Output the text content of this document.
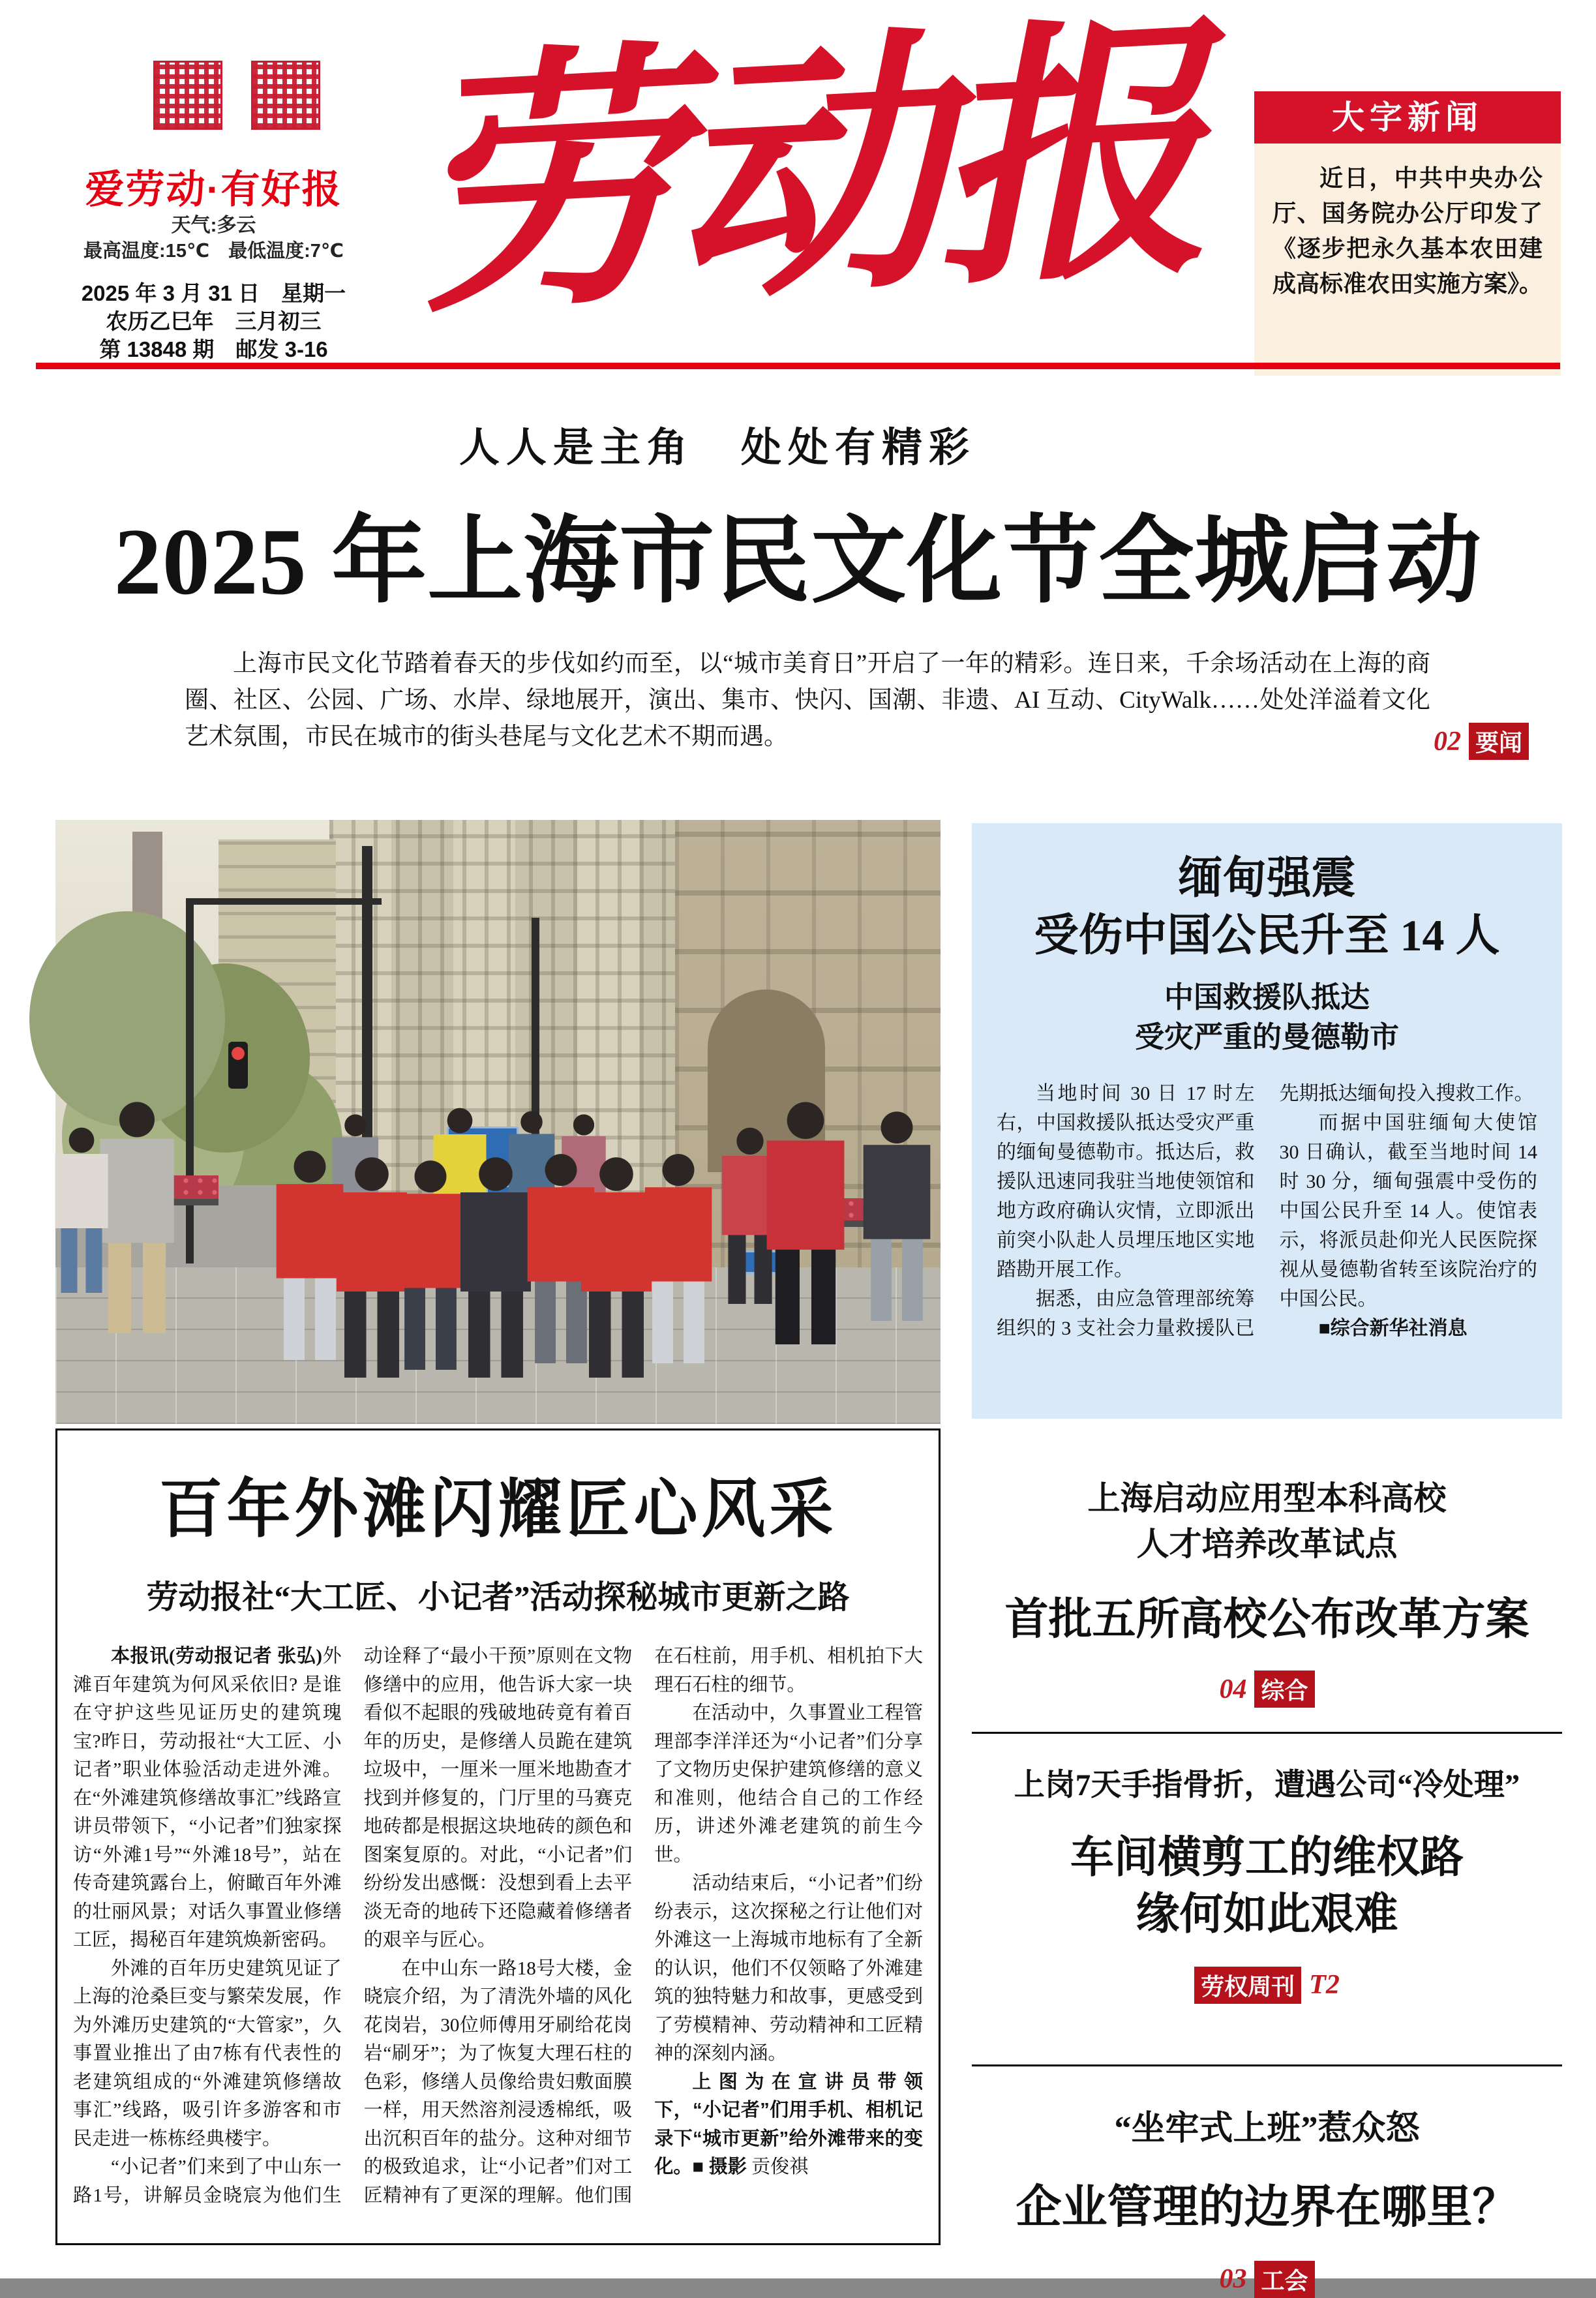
爱劳动·有好报
天气:多云
最高温度:15℃　最低温度:7℃
2025 年 3 月 31 日　星期一
农历乙巳年　三月初三
第 13848 期　邮发 3-16
劳动报	大字新闻
近日，中共中央办公厅、国务院办公厅印发了《逐步把永久基本农田建成高标准农田实施方案》。
人人是主角　处处有精彩
2025 年上海市民文化节全城启动
上海市民文化节踏着春天的步伐如约而至，以“城市美育日”开启了一年的精彩。连日来，千余场活动在上海的商圈、社区、公园、广场、水岸、绿地展开，演出、集市、快闪、国潮、非遗、AI 互动、CityWalk……处处洋溢着文化艺术氛围，市民在城市的街头巷尾与文化艺术不期而遇。	02 要闻
百年外滩闪耀匠心风采
劳动报社“大工匠、小记者”活动探秘城市更新之路

本报讯(劳动报记者 张弘)外滩百年建筑为何风采依旧? 是谁在守护这些见证历史的建筑瑰宝?昨日，劳动报社“大工匠、小记者”职业体验活动走进外滩。在“外滩建筑修缮故事汇”线路宣讲员带领下，“小记者”们独家探访“外滩1号”“外滩18号”，站在传奇建筑露台上，俯瞰百年外滩的壮丽风景；对话久事置业修缮工匠，揭秘百年建筑焕新密码。

外滩的百年历史建筑见证了上海的沧桑巨变与繁荣发展，作为外滩历史建筑的“大管家”，久事置业推出了由7栋有代表性的老建筑组成的“外滩建筑修缮故事汇”线路，吸引许多游客和市民走进一栋栋经典楼宇。

“小记者”们来到了中山东一路1号，讲解员金晓宸为他们生动诠释了“最小干预”原则在文物修缮中的应用，他告诉大家一块看似不起眼的残破地砖竟有着百年的历史，是修缮人员跪在建筑垃圾中，一厘米一厘米地勘查才找到并修复的，门厅里的马赛克地砖都是根据这块地砖的颜色和图案复原的。对此，“小记者”们纷纷发出感慨：没想到看上去平淡无奇的地砖下还隐藏着修缮者的艰辛与匠心。

在中山东一路18号大楼，金晓宸介绍，为了清洗外墙的风化花岗岩，30位师傅用牙刷给花岗岩“刷牙”；为了恢复大理石柱的色彩，修缮人员像给贵妇敷面膜一样，用天然溶剂浸透棉纸，吸出沉积百年的盐分。这种对细节的极致追求，让“小记者”们对工匠精神有了更深的理解。他们围在石柱前，用手机、相机拍下大理石石柱的细节。

在活动中，久事置业工程管理部李洋洋还为“小记者”们分享了文物历史保护建筑修缮的意义和准则，他结合自己的工作经历，讲述外滩老建筑的前生今世。

活动结束后，“小记者”们纷纷表示，这次探秘之行让他们对外滩这一上海城市地标有了全新的认识，他们不仅领略了外滩建筑的独特魅力和故事，更感受到了劳模精神、劳动精神和工匠精神的深刻内涵。

上图为在宣讲员带领下，“小记者”们用手机、相机记录下“城市更新”给外滩带来的变化。■ 摄影 贡俊祺

缅甸强震
受伤中国公民升至 14 人
中国救援队抵达
受灾严重的曼德勒市

当地时间 30 日 17 时左右，中国救援队抵达受灾严重的缅甸曼德勒市。抵达后，救援队迅速同我驻当地使领馆和地方政府确认灾情，立即派出前突小队赴人员埋压地区实地踏勘开展工作。

据悉，由应急管理部统筹组织的 3 支社会力量救援队已先期抵达缅甸投入搜救工作。

而据中国驻缅甸大使馆 30 日确认，截至当地时间 14 时 30 分，缅甸强震中受伤的中国公民升至 14 人。使馆表示，将派员赴仰光人民医院探视从曼德勒省转至该院治疗的中国公民。

■综合新华社消息

上海启动应用型本科高校
人才培养改革试点
首批五所高校公布改革方案
04 综合
上岗7天手指骨折，遭遇公司“冷处理”
车间横剪工的维权路
缘何如此艰难
劳权周刊 T2
“坐牢式上班”惹众怒
企业管理的边界在哪里？
03 工会
